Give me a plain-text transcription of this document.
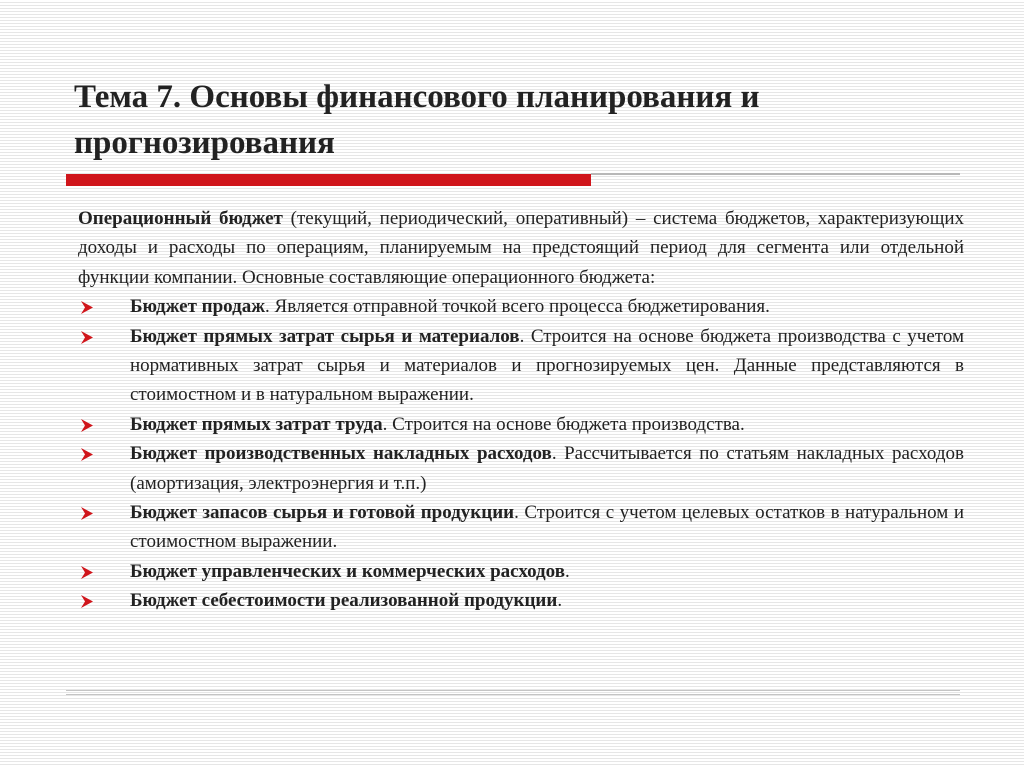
Тема 7. Основы финансового планирования и прогнозирования

Операционный бюджет (текущий, периодический, оперативный) – система бюджетов, характеризующих доходы и расходы по операциям, планируемым на предстоящий период для сегмента или отдельной функции компании. Основные составляющие операционного бюджета:

Бюджет продаж. Является отправной точкой всего процесса бюджетирования.
Бюджет прямых затрат сырья и материалов. Строится на основе бюджета производства с учетом нормативных затрат сырья и материалов и прогнозируемых цен. Данные представляются в стоимостном и в натуральном выражении.
Бюджет прямых затрат труда. Строится на основе бюджета производства.
Бюджет производственных накладных расходов. Рассчитывается по статьям накладных расходов (амортизация, электроэнергия и т.п.)
Бюджет запасов сырья и готовой продукции. Строится с учетом целевых остатков в натуральном и стоимостном выражении.
Бюджет управленческих и коммерческих расходов.
Бюджет себестоимости реализованной продукции.
